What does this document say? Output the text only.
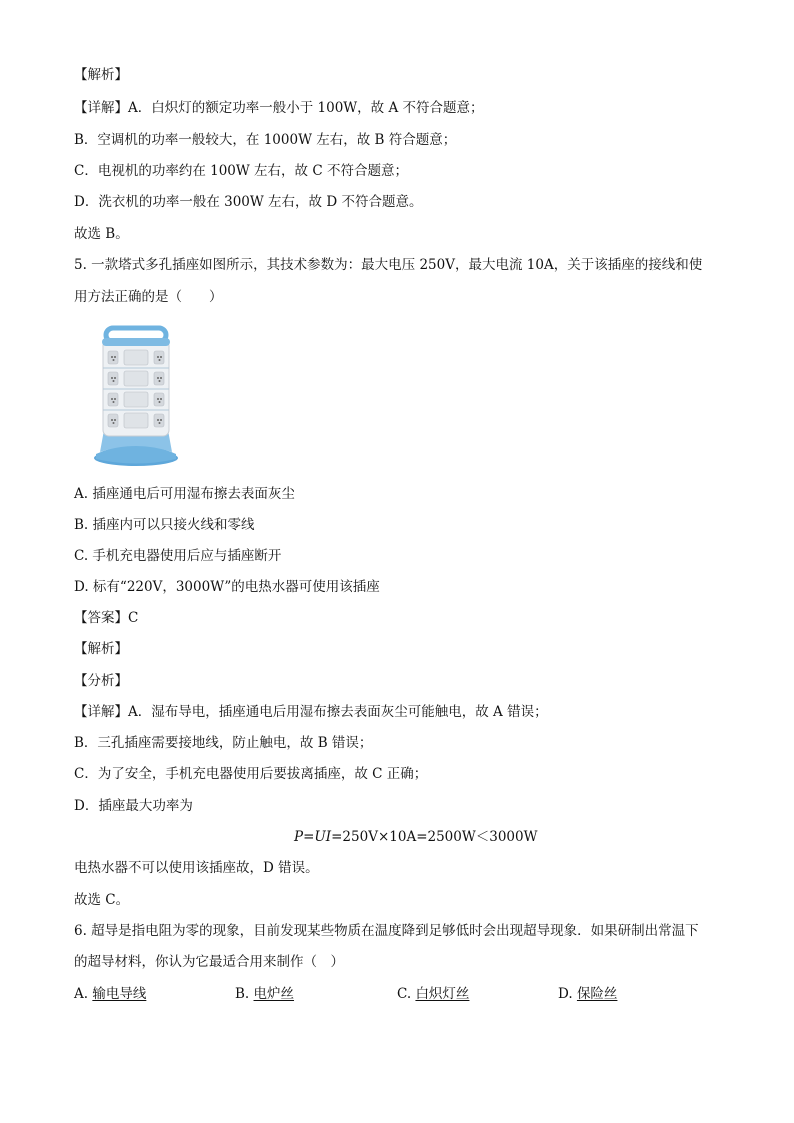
【解析】
【详解】A．白炽灯的额定功率一般小于 100W，故 A 不符合题意；
B．空调机的功率一般较大，在 1000W 左右，故 B 符合题意；
C．电视机的功率约在 100W 左右，故 C 不符合题意；
D．洗衣机的功率一般在 300W 左右，故 D 不符合题意。
故选 B。
5. 一款塔式多孔插座如图所示，其技术参数为：最大电压 250V，最大电流 10A，关于该插座的接线和使
用方法正确的是（　　）
A. 插座通电后可用湿布擦去表面灰尘
B. 插座内可以只接火线和零线
C. 手机充电器使用后应与插座断开
D. 标有“220V，3000W”的电热水器可使用该插座
【答案】C
【解析】
【分析】
【详解】A．湿布导电，插座通电后用湿布擦去表面灰尘可能触电，故 A 错误；
B．三孔插座需要接地线，防止触电，故 B 错误；
C．为了安全，手机充电器使用后要拔离插座，故 C 正确；
D．插座最大功率为
P=UI=250V×10A=2500W＜3000W
电热水器不可以使用该插座故，D 错误。
故选 C。
6. 超导是指电阻为零的现象，目前发现某些物质在温度降到足够低时会出现超导现象．如果研制出常温下
的超导材料，你认为它最适合用来制作（　）
A. 输电导线	B. 电炉丝	C. 白炽灯丝	D. 保险丝
